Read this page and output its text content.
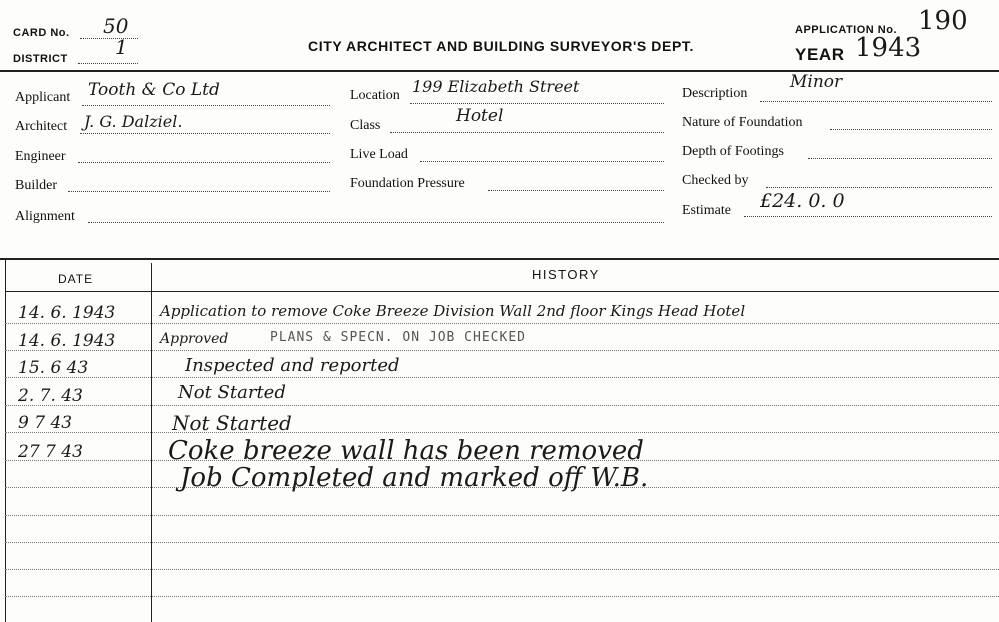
CARD No. 50
DISTRICT 1	CITY ARCHITECT AND BUILDING SURVEYOR'S DEPT.
APPLICATION No. 190
YEAR 1943
Applicant Tooth & Co Ltd
Architect J. G. Dalziel.
Engineer
Builder
Alignment
Location 199 Elizabeth Street
Class	Hotel
Live Load
Foundation Pressure
Description
Minor
Nature of Foundation
Depth of Footings
Checked by
Estimate £24. 0. 0
DATE	HISTORY
14. 6. 1943	Application to remove Coke Breeze Division Wall 2nd floor Kings Head Hotel
14. 6. 1943	Approved	PLANS & SPECN. ON JOB CHECKED
15. 6 43	Inspected and reported
2. 7. 43	Not Started
9 7 43	Not Started
27 7 43	Coke breeze wall has been removed
Job Completed and marked off W.B.
